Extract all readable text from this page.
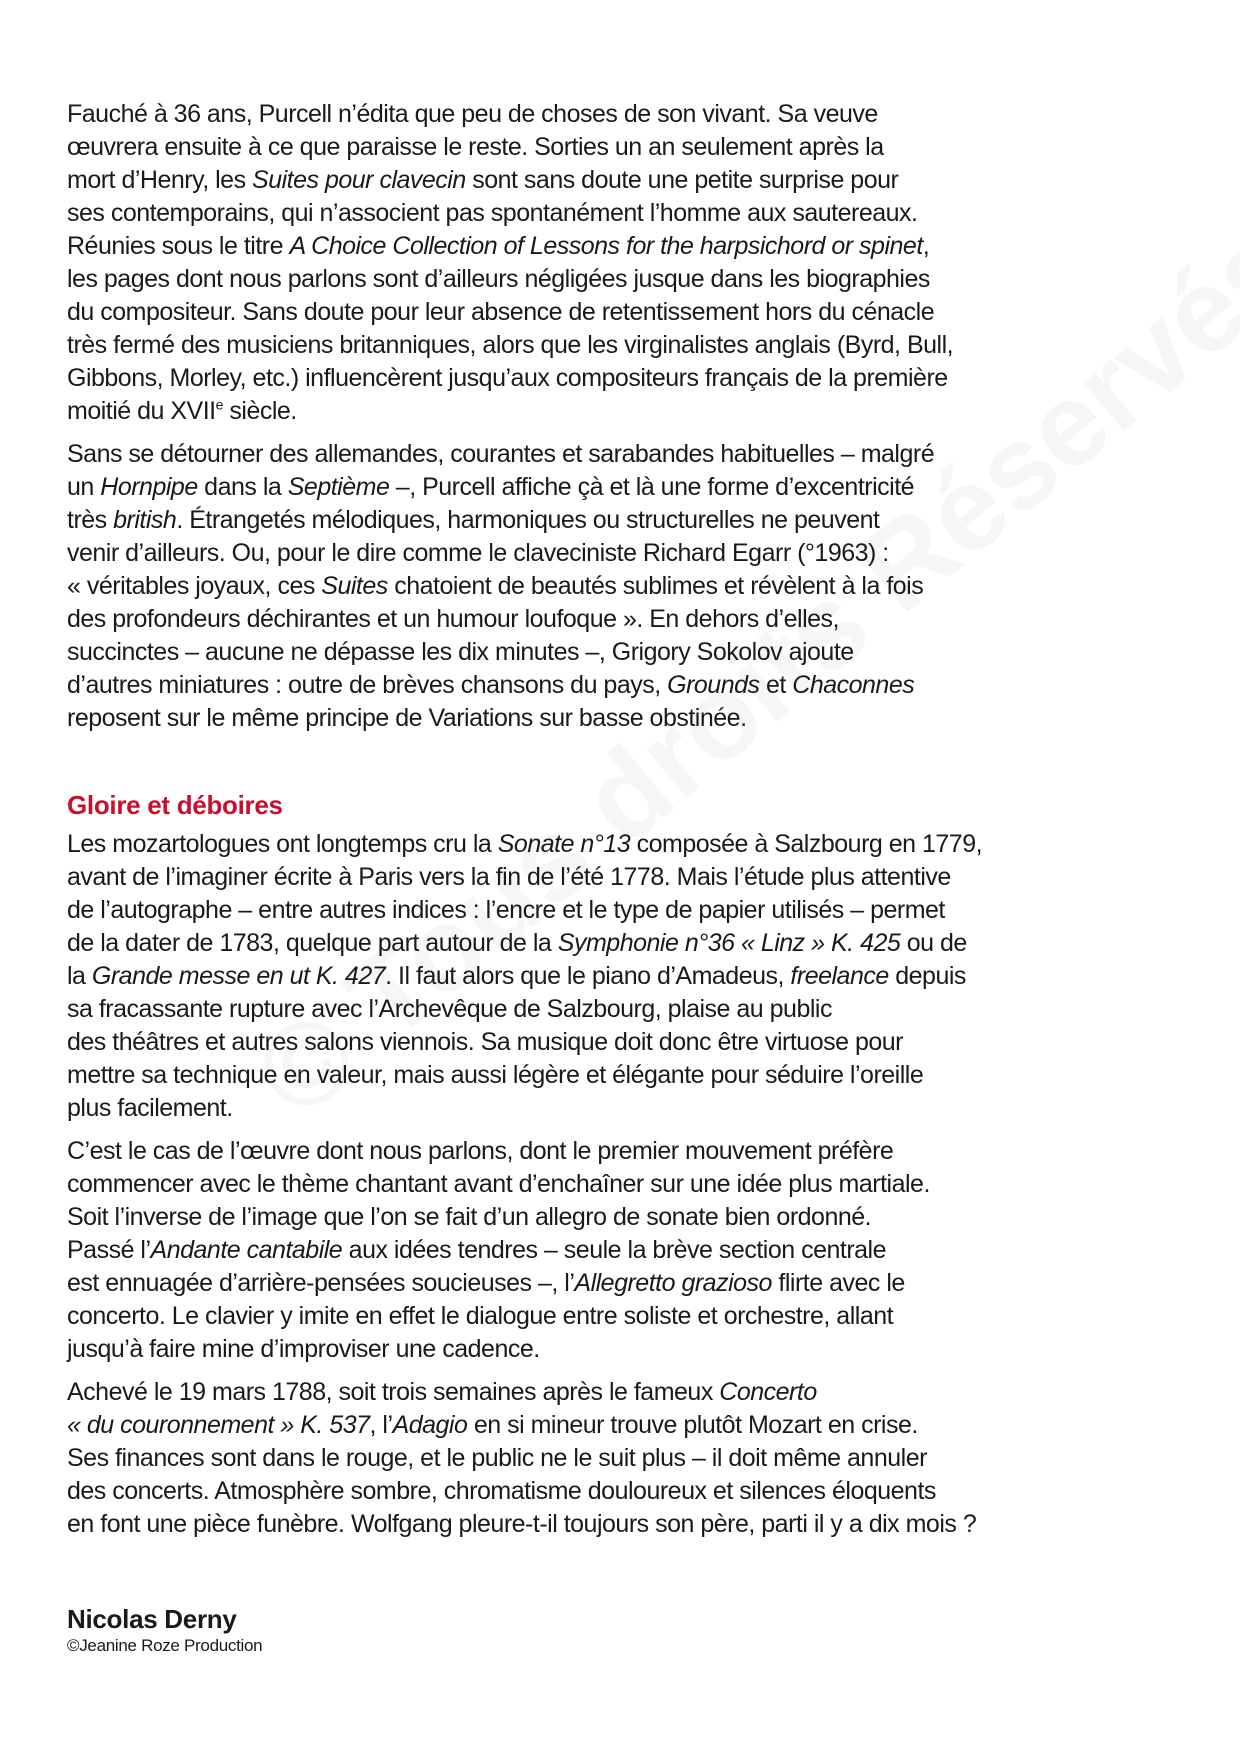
Fauché à 36 ans, Purcell n’édita que peu de choses de son vivant. Sa veuve
œuvrera ensuite à ce que paraisse le reste. Sorties un an seulement après la
mort d’Henry, les Suites pour clavecin sont sans doute une petite surprise pour
ses contemporains, qui n’associent pas spontanément l’homme aux sautereaux.
Réunies sous le titre A Choice Collection of Lessons for the harpsichord or spinet,
les pages dont nous parlons sont d’ailleurs négligées jusque dans les biographies
du compositeur. Sans doute pour leur absence de retentissement hors du cénacle
très fermé des musiciens britanniques, alors que les virginalistes anglais (Byrd, Bull,
Gibbons, Morley, etc.) influencèrent jusqu’aux compositeurs français de la première
moitié du XVIIe siècle.

Sans se détourner des allemandes, courantes et sarabandes habituelles – malgré
un Hornpipe dans la Septième –, Purcell affiche çà et là une forme d’excentricité
très british. Étrangetés mélodiques, harmoniques ou structurelles ne peuvent
venir d’ailleurs. Ou, pour le dire comme le claveciniste Richard Egarr (°1963) :
« véritables joyaux, ces Suites chatoient de beautés sublimes et révèlent à la fois
des profondeurs déchirantes et un humour loufoque ». En dehors d’elles,
succinctes – aucune ne dépasse les dix minutes –, Grigory Sokolov ajoute
d’autres miniatures : outre de brèves chansons du pays, Grounds et Chaconnes
reposent sur le même principe de Variations sur basse obstinée.

Gloire et déboires

Les mozartologues ont longtemps cru la Sonate n°13 composée à Salzbourg en 1779,
avant de l’imaginer écrite à Paris vers la fin de l’été 1778. Mais l’étude plus attentive
de l’autographe – entre autres indices : l’encre et le type de papier utilisés – permet
de la dater de 1783, quelque part autour de la Symphonie n°36 « Linz » K. 425 ou de
la Grande messe en ut K. 427. Il faut alors que le piano d’Amadeus, freelance depuis
sa fracassante rupture avec l’Archevêque de Salzbourg, plaise au public
des théâtres et autres salons viennois. Sa musique doit donc être virtuose pour
mettre sa technique en valeur, mais aussi légère et élégante pour séduire l’oreille
plus facilement.

C’est le cas de l’œuvre dont nous parlons, dont le premier mouvement préfère
commencer avec le thème chantant avant d’enchaîner sur une idée plus martiale.
Soit l’inverse de l’image que l’on se fait d’un allegro de sonate bien ordonné.
Passé l’Andante cantabile aux idées tendres – seule la brève section centrale
est ennuagée d’arrière-pensées soucieuses –, l’Allegretto grazioso flirte avec le
concerto. Le clavier y imite en effet le dialogue entre soliste et orchestre, allant
jusqu’à faire mine d’improviser une cadence.

Achevé le 19 mars 1788, soit trois semaines après le fameux Concerto
« du couronnement » K. 537, l’Adagio en si mineur trouve plutôt Mozart en crise.
Ses finances sont dans le rouge, et le public ne le suit plus – il doit même annuler
des concerts. Atmosphère sombre, chromatisme douloureux et silences éloquents
en font une pièce funèbre. Wolfgang pleure-t-il toujours son père, parti il y a dix mois ?

Nicolas Derny

©Jeanine Roze Production
